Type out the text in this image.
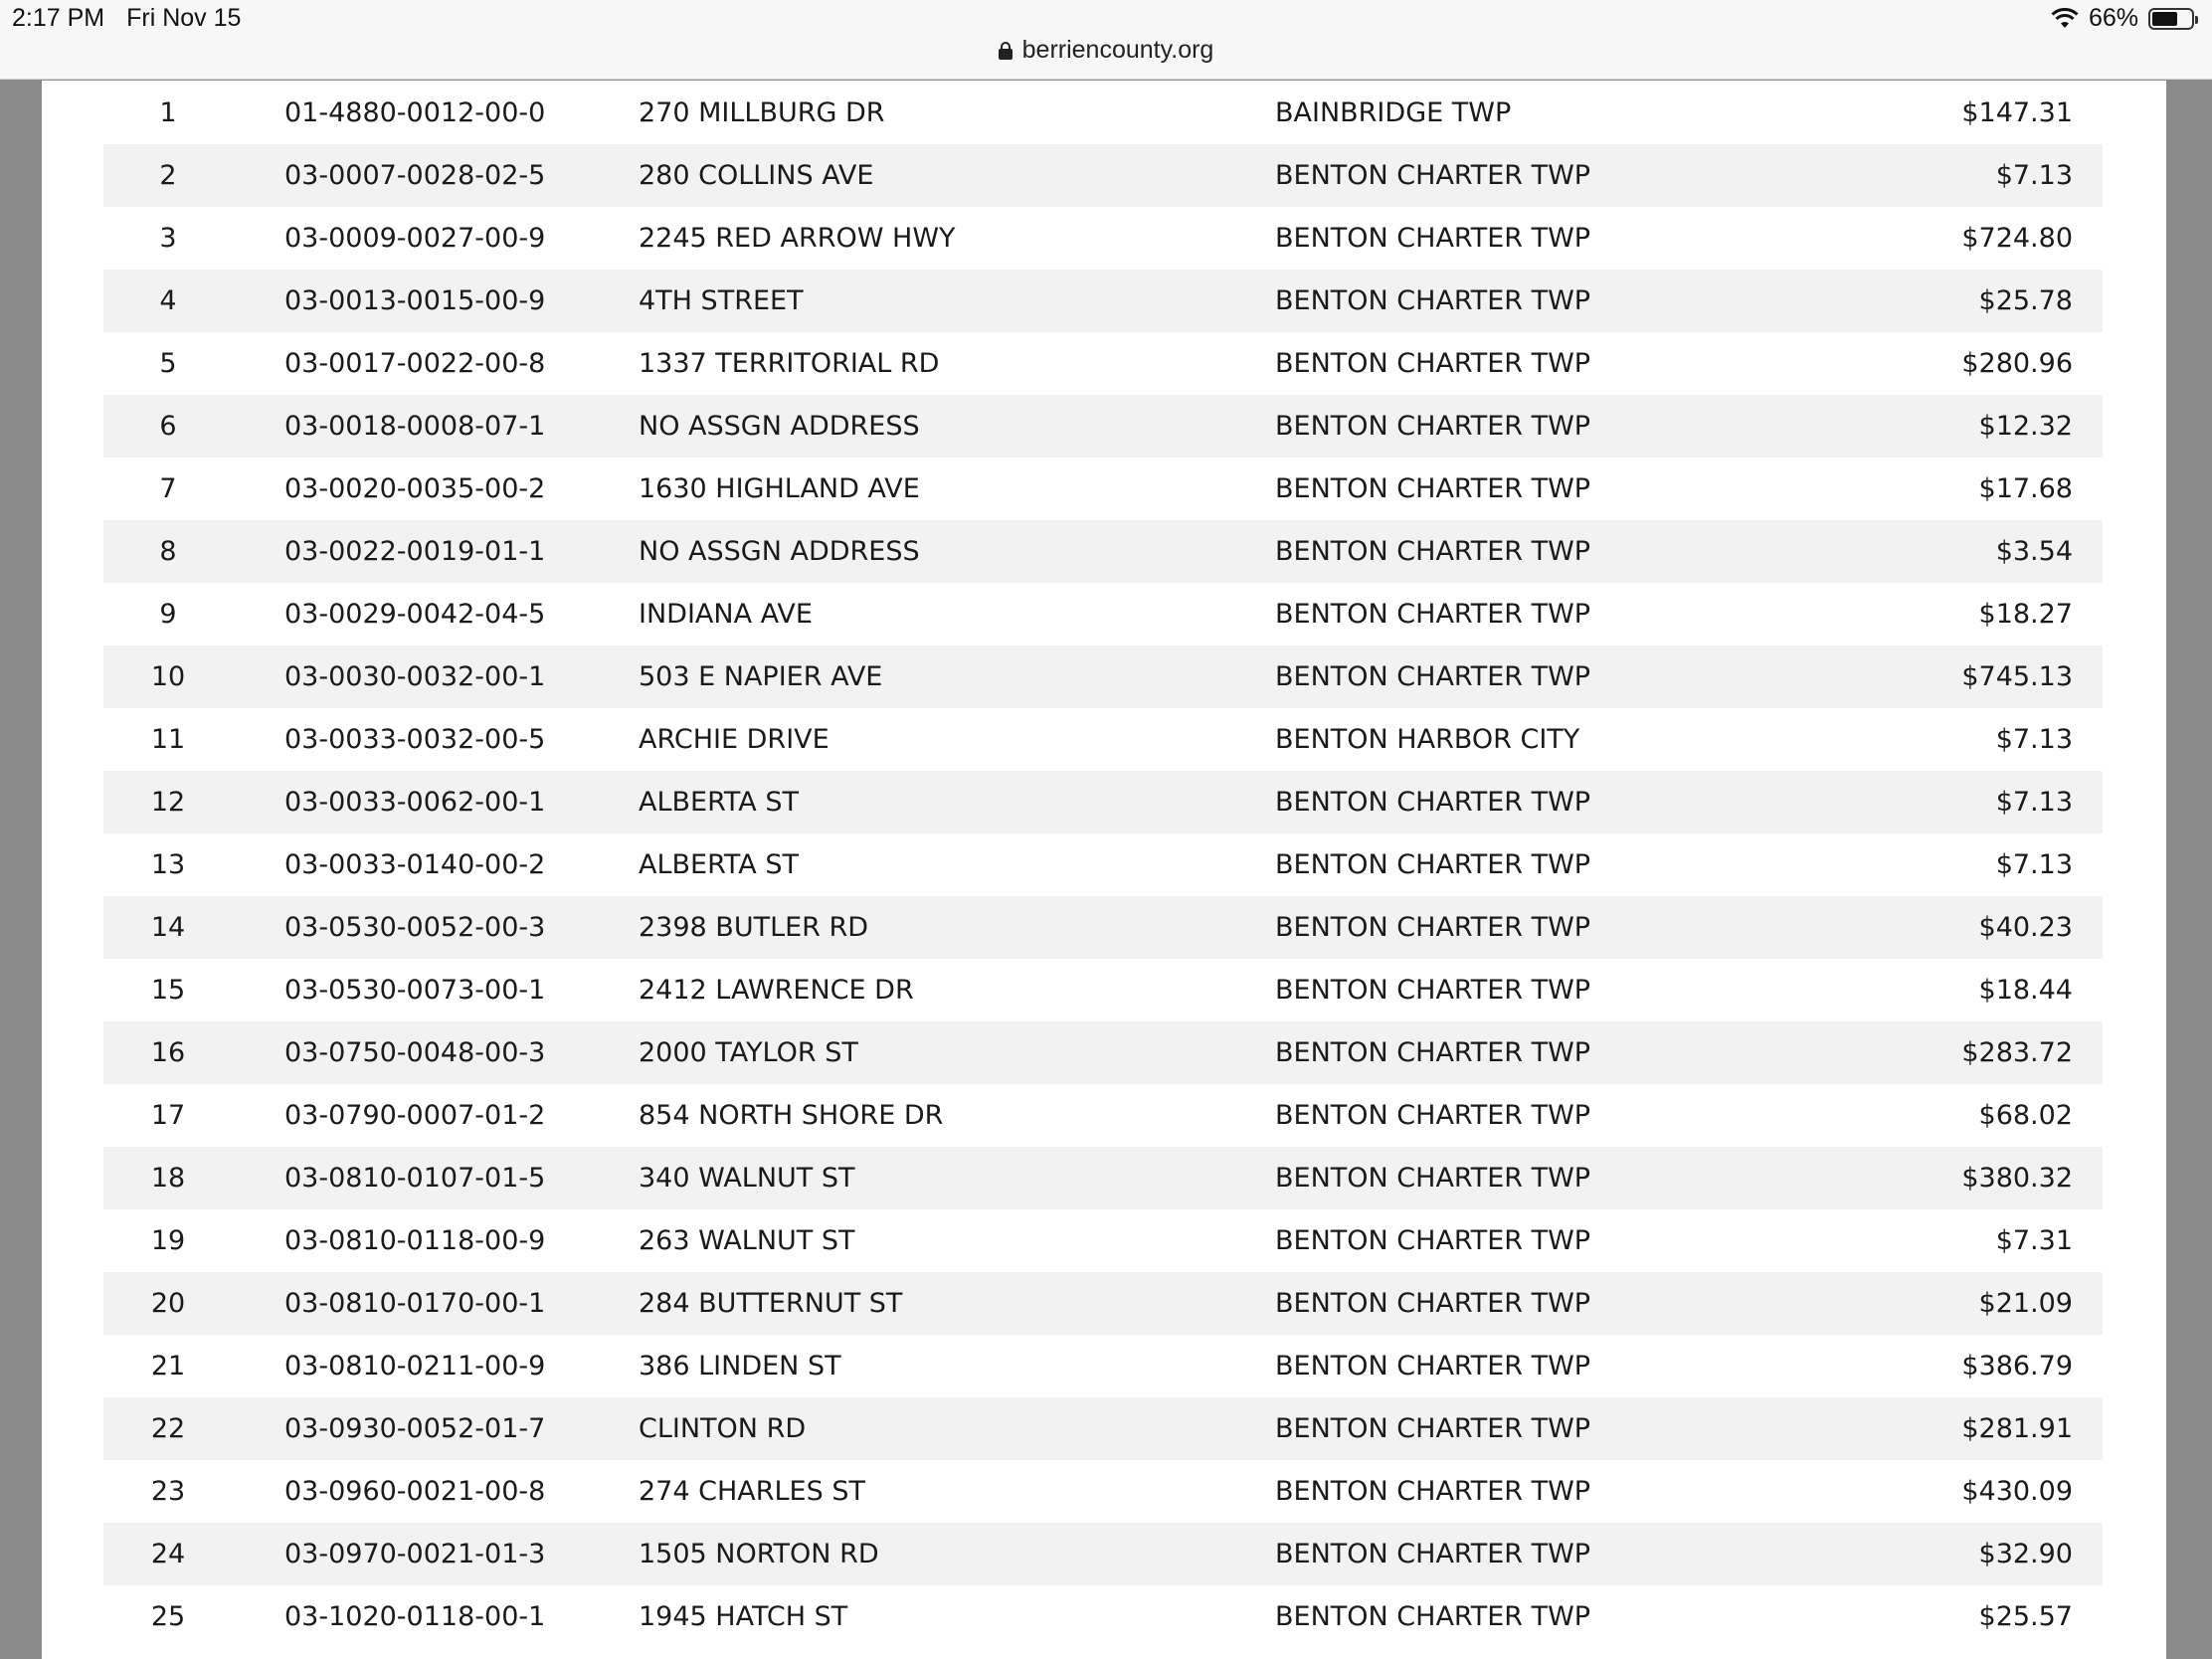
2:17 PM Fri Nov 15	66%
berriencounty.org
1	01-4880-0012-00-0	270 MILLBURG DR	BAINBRIDGE TWP	$147.31
2	03-0007-0028-02-5	280 COLLINS AVE	BENTON CHARTER TWP	$7.13
3	03-0009-0027-00-9	2245 RED ARROW HWY	BENTON CHARTER TWP	$724.80
4	03-0013-0015-00-9	4TH STREET	BENTON CHARTER TWP	$25.78
5	03-0017-0022-00-8	1337 TERRITORIAL RD	BENTON CHARTER TWP	$280.96
6	03-0018-0008-07-1	NO ASSGN ADDRESS	BENTON CHARTER TWP	$12.32
7	03-0020-0035-00-2	1630 HIGHLAND AVE	BENTON CHARTER TWP	$17.68
8	03-0022-0019-01-1	NO ASSGN ADDRESS	BENTON CHARTER TWP	$3.54
9	03-0029-0042-04-5	INDIANA AVE	BENTON CHARTER TWP	$18.27
10	03-0030-0032-00-1	503 E NAPIER AVE	BENTON CHARTER TWP	$745.13
11	03-0033-0032-00-5	ARCHIE DRIVE	BENTON HARBOR CITY	$7.13
12	03-0033-0062-00-1	ALBERTA ST	BENTON CHARTER TWP	$7.13
13	03-0033-0140-00-2	ALBERTA ST	BENTON CHARTER TWP	$7.13
14	03-0530-0052-00-3	2398 BUTLER RD	BENTON CHARTER TWP	$40.23
15	03-0530-0073-00-1	2412 LAWRENCE DR	BENTON CHARTER TWP	$18.44
16	03-0750-0048-00-3	2000 TAYLOR ST	BENTON CHARTER TWP	$283.72
17	03-0790-0007-01-2	854 NORTH SHORE DR	BENTON CHARTER TWP	$68.02
18	03-0810-0107-01-5	340 WALNUT ST	BENTON CHARTER TWP	$380.32
19	03-0810-0118-00-9	263 WALNUT ST	BENTON CHARTER TWP	$7.31
20	03-0810-0170-00-1	284 BUTTERNUT ST	BENTON CHARTER TWP	$21.09
21	03-0810-0211-00-9	386 LINDEN ST	BENTON CHARTER TWP	$386.79
22	03-0930-0052-01-7	CLINTON RD	BENTON CHARTER TWP	$281.91
23	03-0960-0021-00-8	274 CHARLES ST	BENTON CHARTER TWP	$430.09
24	03-0970-0021-01-3	1505 NORTON RD	BENTON CHARTER TWP	$32.90
25	03-1020-0118-00-1	1945 HATCH ST	BENTON CHARTER TWP	$25.57
